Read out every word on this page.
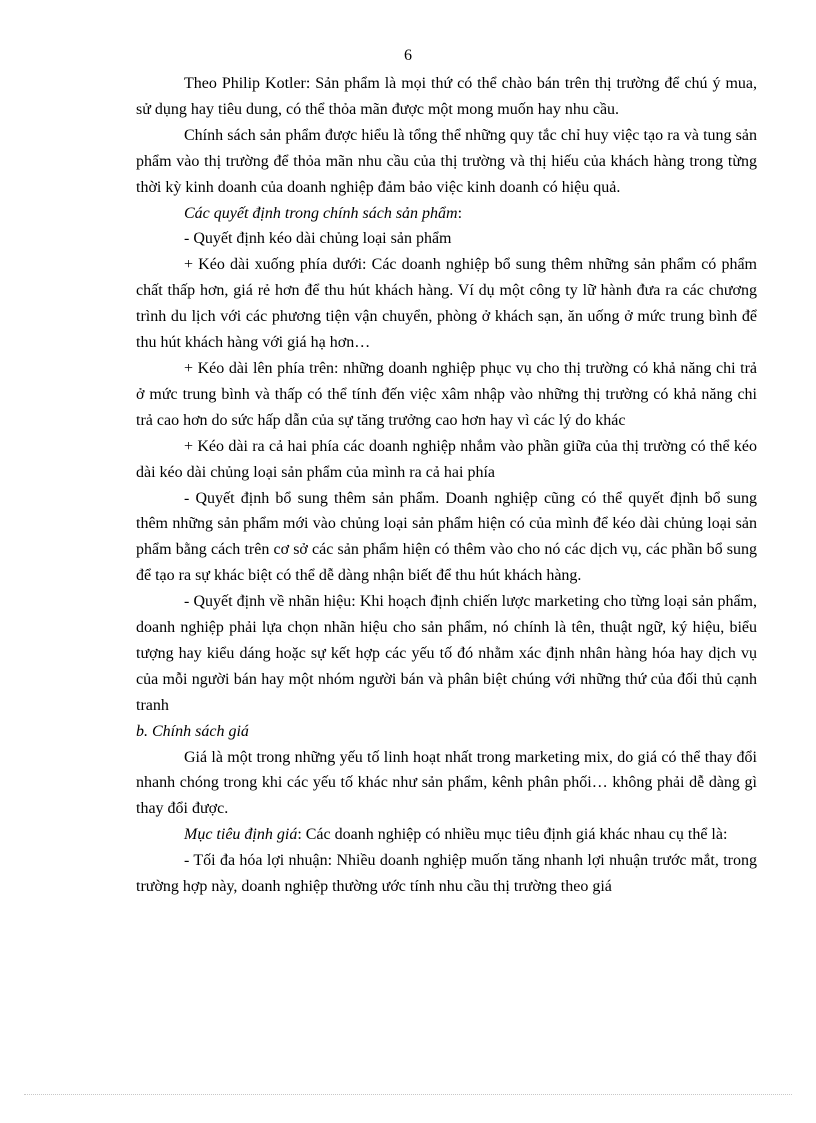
6

Theo Philip Kotler: Sản phẩm là mọi thứ có thể chào bán trên thị trường để chú ý mua, sử dụng hay tiêu dung, có thể thỏa mãn được một mong muốn hay nhu cầu.

Chính sách sản phẩm được hiểu là tổng thể những quy tắc chỉ huy việc tạo ra và tung sản phẩm vào thị trường để thỏa mãn nhu cầu của thị trường và thị hiếu của khách hàng trong từng thời kỳ kinh doanh của doanh nghiệp đảm bảo việc kinh doanh có hiệu quả.

Các quyết định trong chính sách sản phẩm:

- Quyết định kéo dài chủng loại sản phẩm

+ Kéo dài xuống phía dưới: Các doanh nghiệp bổ sung thêm những sản phẩm có phẩm chất thấp hơn, giá rẻ hơn để thu hút khách hàng. Ví dụ một công ty lữ hành đưa ra các chương trình du lịch với các phương tiện vận chuyển, phòng ở khách sạn, ăn uống ở mức trung bình để thu hút khách hàng với giá hạ hơn…

+ Kéo dài lên phía trên: những doanh nghiệp phục vụ cho thị trường có khả năng chi trả ở mức trung bình và thấp có thể tính đến việc xâm nhập vào những thị trường có khả năng chi trả cao hơn do sức hấp dẫn của sự tăng trưởng cao hơn hay vì các lý do khác

+ Kéo dài ra cả hai phía các doanh nghiệp nhắm vào phần giữa của thị trường có thể kéo dài kéo dài chủng loại sản phẩm của mình ra cả hai phía

- Quyết định bổ sung thêm sản phẩm. Doanh nghiệp cũng có thể quyết định bổ sung thêm những sản phẩm mới vào chủng loại sản phẩm hiện có của mình để kéo dài chủng loại sản phẩm bằng cách trên cơ sở các sản phẩm hiện có thêm vào cho nó các dịch vụ, các phần bổ sung để tạo ra sự khác biệt có thể dễ dàng nhận biết để thu hút khách hàng.

- Quyết định về nhãn hiệu: Khi hoạch định chiến lược marketing cho từng loại sản phẩm, doanh nghiệp phải lựa chọn nhãn hiệu cho sản phẩm, nó chính là tên, thuật ngữ, ký hiệu, biểu tượng hay kiểu dáng hoặc sự kết hợp các yếu tố đó nhằm xác định nhân hàng hóa hay dịch vụ của mỗi người bán hay một nhóm người bán và phân biệt chúng với những thứ của đối thủ cạnh tranh

b. Chính sách giá

Giá là một trong những yếu tố linh hoạt nhất trong marketing mix, do giá có thể thay đổi nhanh chóng trong khi các yếu tố khác như sản phẩm, kênh phân phối… không phải dễ dàng gì thay đổi được.

Mục tiêu định giá: Các doanh nghiệp có nhiều mục tiêu định giá khác nhau cụ thể là:

- Tối đa hóa lợi nhuận: Nhiều doanh nghiệp muốn tăng nhanh lợi nhuận trước mắt, trong trường hợp này, doanh nghiệp thường ước tính nhu cầu thị trường theo giá
